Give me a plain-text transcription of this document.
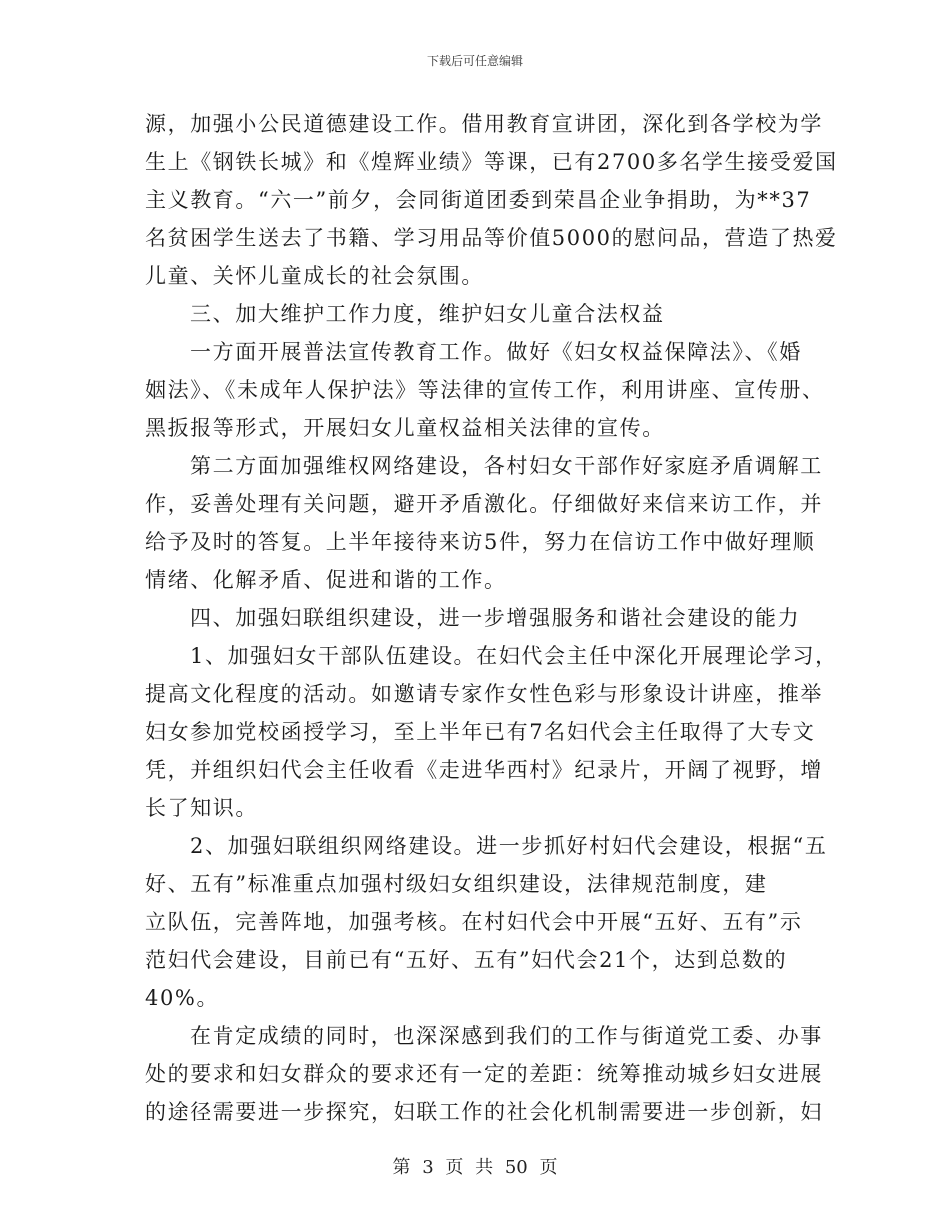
下载后可任意编辑
源，加强小公民道德建设工作。借用教育宣讲团，深化到各学校为学
生上《钢铁长城》和《煌辉业绩》等课，已有2700多名学生接受爱国
主义教育。“六一”前夕，会同街道团委到荣昌企业争捐助，为**37
名贫困学生送去了书籍、学习用品等价值5000的慰问品，营造了热爱
儿童、关怀儿童成长的社会氛围。
三、加大维护工作力度，维护妇女儿童合法权益
一方面开展普法宣传教育工作。做好《妇女权益保障法》、《婚
姻法》、《未成年人保护法》等法律的宣传工作，利用讲座、宣传册、
黑扳报等形式，开展妇女儿童权益相关法律的宣传。
第二方面加强维权网络建设，各村妇女干部作好家庭矛盾调解工
作，妥善处理有关问题，避开矛盾激化。仔细做好来信来访工作，并
给予及时的答复。上半年接待来访5件，努力在信访工作中做好理顺
情绪、化解矛盾、促进和谐的工作。
四、加强妇联组织建设，进一步增强服务和谐社会建设的能力
1、加强妇女干部队伍建设。在妇代会主任中深化开展理论学习，
提高文化程度的活动。如邀请专家作女性色彩与形象设计讲座，推举
妇女参加党校函授学习，至上半年已有7名妇代会主任取得了大专文
凭，并组织妇代会主任收看《走进华西村》纪录片，开阔了视野，增
长了知识。
2、加强妇联组织网络建设。进一步抓好村妇代会建设，根据“五
好、五有”标准重点加强村级妇女组织建设，法律规范制度，建
立队伍，完善阵地，加强考核。在村妇代会中开展“五好、五有”示
范妇代会建设，目前已有“五好、五有”妇代会21个，达到总数的
40%。
在肯定成绩的同时，也深深感到我们的工作与街道党工委、办事
处的要求和妇女群众的要求还有一定的差距：统筹推动城乡妇女进展
的途径需要进一步探究，妇联工作的社会化机制需要进一步创新，妇
第 3 页 共 50 页
